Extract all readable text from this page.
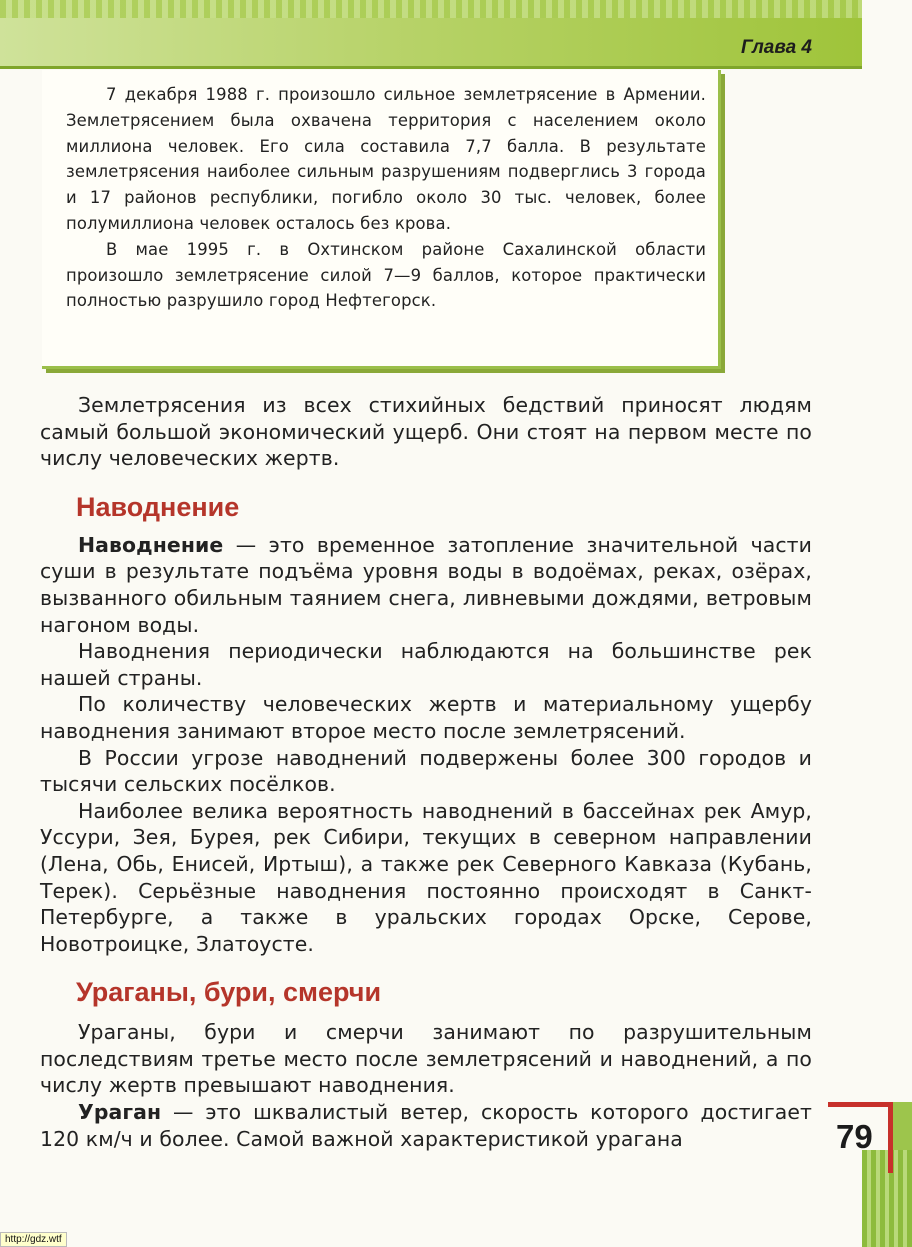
Глава 4

7 декабря 1988 г. произошло сильное землетрясение в Армении. Землетрясением была охвачена территория с населением около миллиона человек. Его сила составила 7,7 балла. В результате землетрясения наиболее сильным разрушениям подверглись 3 города и 17 районов республики, погибло около 30 тыс. человек, более полумиллиона человек осталось без крова.

В мае 1995 г. в Охтинском районе Сахалинской области произошло землетрясение силой 7—9 баллов, которое практически полностью разрушило город Нефтегорск.

Землетрясения из всех стихийных бедствий приносят людям самый большой экономический ущерб. Они стоят на первом месте по числу человеческих жертв.

Наводнение

Наводнение — это временное затопление значительной части суши в результате подъёма уровня воды в водоёмах, реках, озёрах, вызванного обильным таянием снега, ливневыми дождями, ветровым нагоном воды.

Наводнения периодически наблюдаются на большинстве рек нашей страны.

По количеству человеческих жертв и материальному ущербу наводнения занимают второе место после землетрясений.

В России угрозе наводнений подвержены более 300 городов и тысячи сельских посёлков.

Наиболее велика вероятность наводнений в бассейнах рек Амур, Уссури, Зея, Бурея, рек Сибири, текущих в северном направлении (Лена, Обь, Енисей, Иртыш), а также рек Северного Кавказа (Кубань, Терек). Серьёзные наводнения постоянно происходят в Санкт-Петербурге, а также в уральских городах Орске, Серове, Новотроицке, Златоусте.

Ураганы, бури, смерчи

Ураганы, бури и смерчи занимают по разрушительным последствиям третье место после землетрясений и наводнений, а по числу жертв превышают наводнения.

Ураган — это шквалистый ветер, скорость которого достигает 120 км/ч и более. Самой важной характеристикой урагана	79
http://gdz.wtf
